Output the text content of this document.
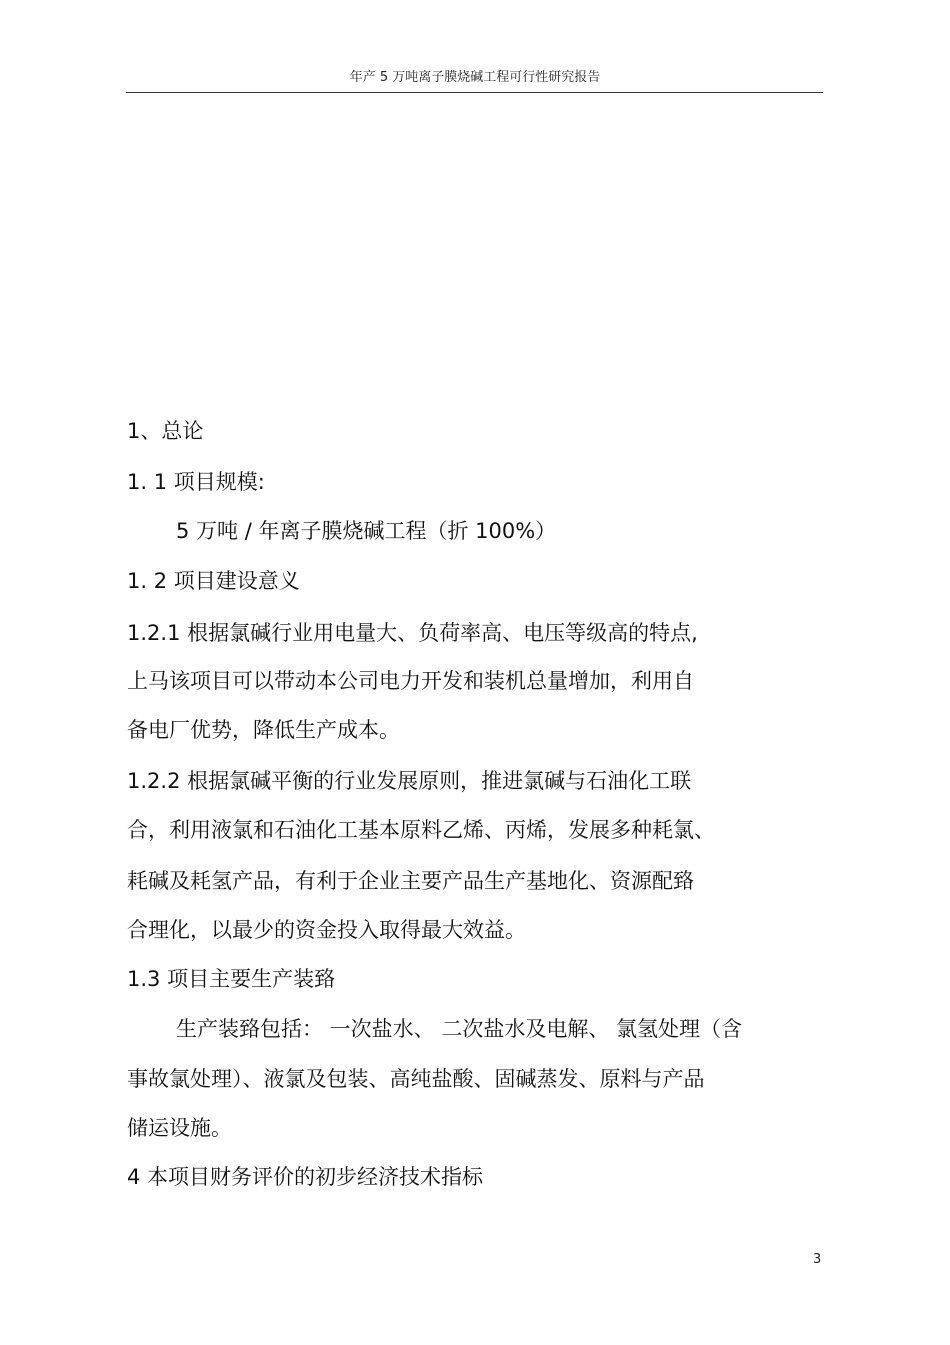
年产 5 万吨离子膜烧碱工程可行性研究报告
1、总论
1. 1 项目规模:
5 万吨 / 年离子膜烧碱工程（折 100%）
1. 2 项目建设意义
1.2.1 根据氯碱行业用电量大、负荷率高、电压等级高的特点,
上马该项目可以带动本公司电力开发和装机总量增加，利用自
备电厂优势，降低生产成本。
1.2.2 根据氯碱平衡的行业发展原则，推进氯碱与石油化工联
合，利用液氯和石油化工基本原料乙烯、丙烯，发展多种耗氯、
耗碱及耗氢产品，有利于企业主要产品生产基地化、资源配臵
合理化，以最少的资金投入取得最大效益。
1.3 项目主要生产装臵
生产装臵包括： 一次盐水、 二次盐水及电解、 氯氢处理（含
事故氯处理）、液氯及包装、高纯盐酸、固碱蒸发、原料与产品
储运设施。
4 本项目财务评价的初步经济技术指标
3
